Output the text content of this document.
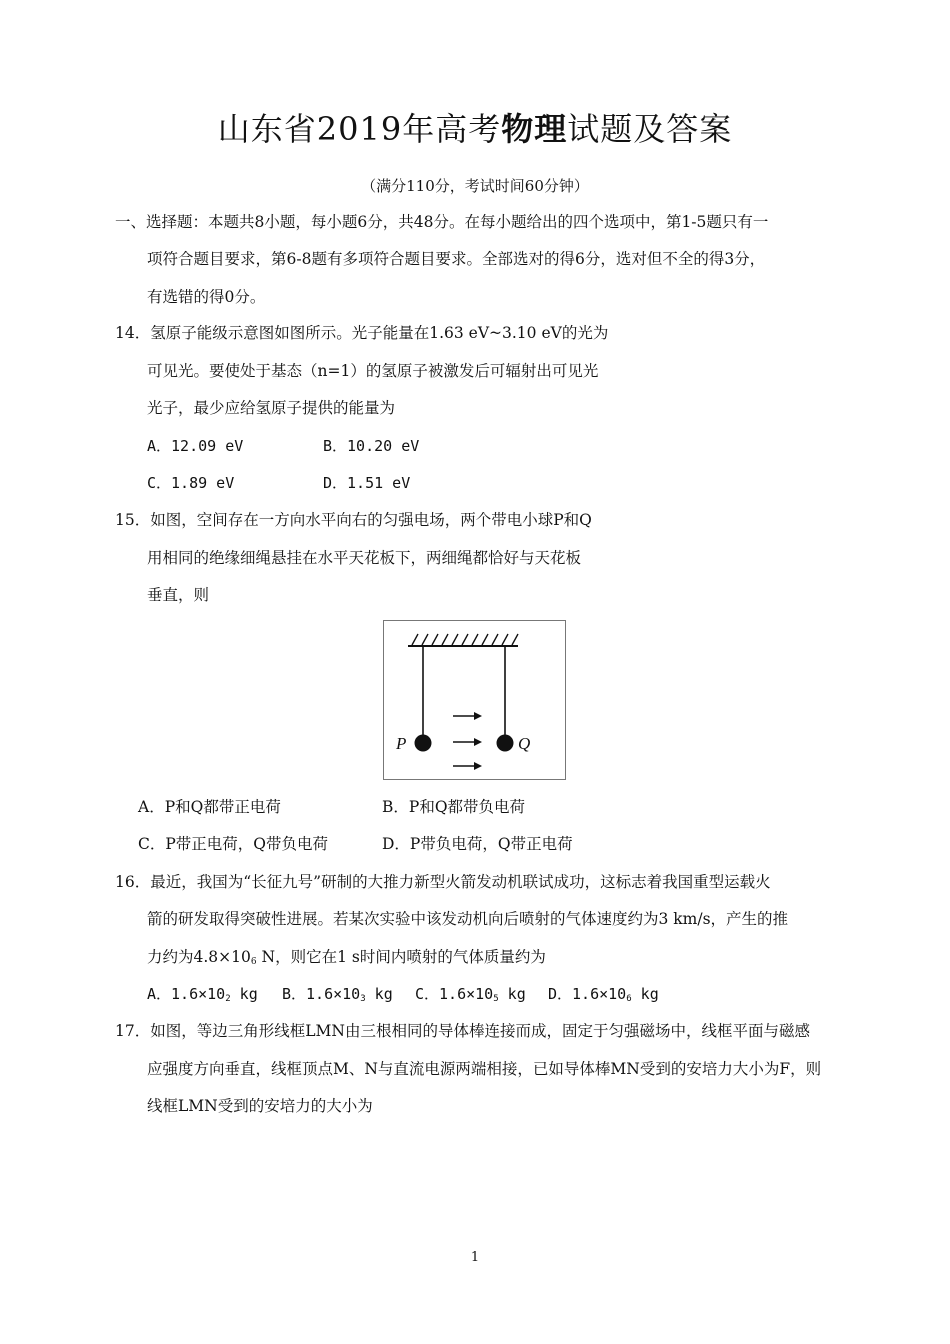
山东省2019年高考物理试题及答案
（满分110分，考试时间60分钟）
一、选择题：本题共8小题，每小题6分，共48分。在每小题给出的四个选项中，第1-5题只有一
项符合题目要求，第6-8题有多项符合题目要求。全部选对的得6分，选对但不全的得3分，
有选错的得0分。
14．氢原子能级示意图如图所示。光子能量在1.63 eV~3.10 eV的光为
可见光。要使处于基态（n=1）的氢原子被激发后可辐射出可见光
光子，最少应给氢原子提供的能量为
A．12.09 eV	B．10.20 eV
C．1.89 eV	D．1.51 eV
15．如图，空间存在一方向水平向右的匀强电场，两个带电小球P和Q
用相同的绝缘细绳悬挂在水平天花板下，两细绳都恰好与天花板
垂直，则
P	Q
A．P和Q都带正电荷	B．P和Q都带负电荷
C．P带正电荷，Q带负电荷	D．P带负电荷，Q带正电荷
16．最近，我国为“长征九号”研制的大推力新型火箭发动机联试成功，这标志着我国重型运载火
箭的研发取得突破性进展。若某次实验中该发动机向后喷射的气体速度约为3 km/s，产生的推
力约为$4.8\times 10^6$ N，则它在1 s时间内喷射的气体质量约为
A．$1.6\times 10^2$ kg B．$1.6\times 10^3$ kg C．$1.6\times 10^5$ kg D．$1.6\times 10^6$ kg
17．如图，等边三角形线框LMN由三根相同的导体棒连接而成，固定于匀强磁场中，线框平面与磁感
应强度方向垂直，线框顶点M、N与直流电源两端相接，已如导体棒MN受到的安培力大小为F，则
线框LMN受到的安培力的大小为
1
